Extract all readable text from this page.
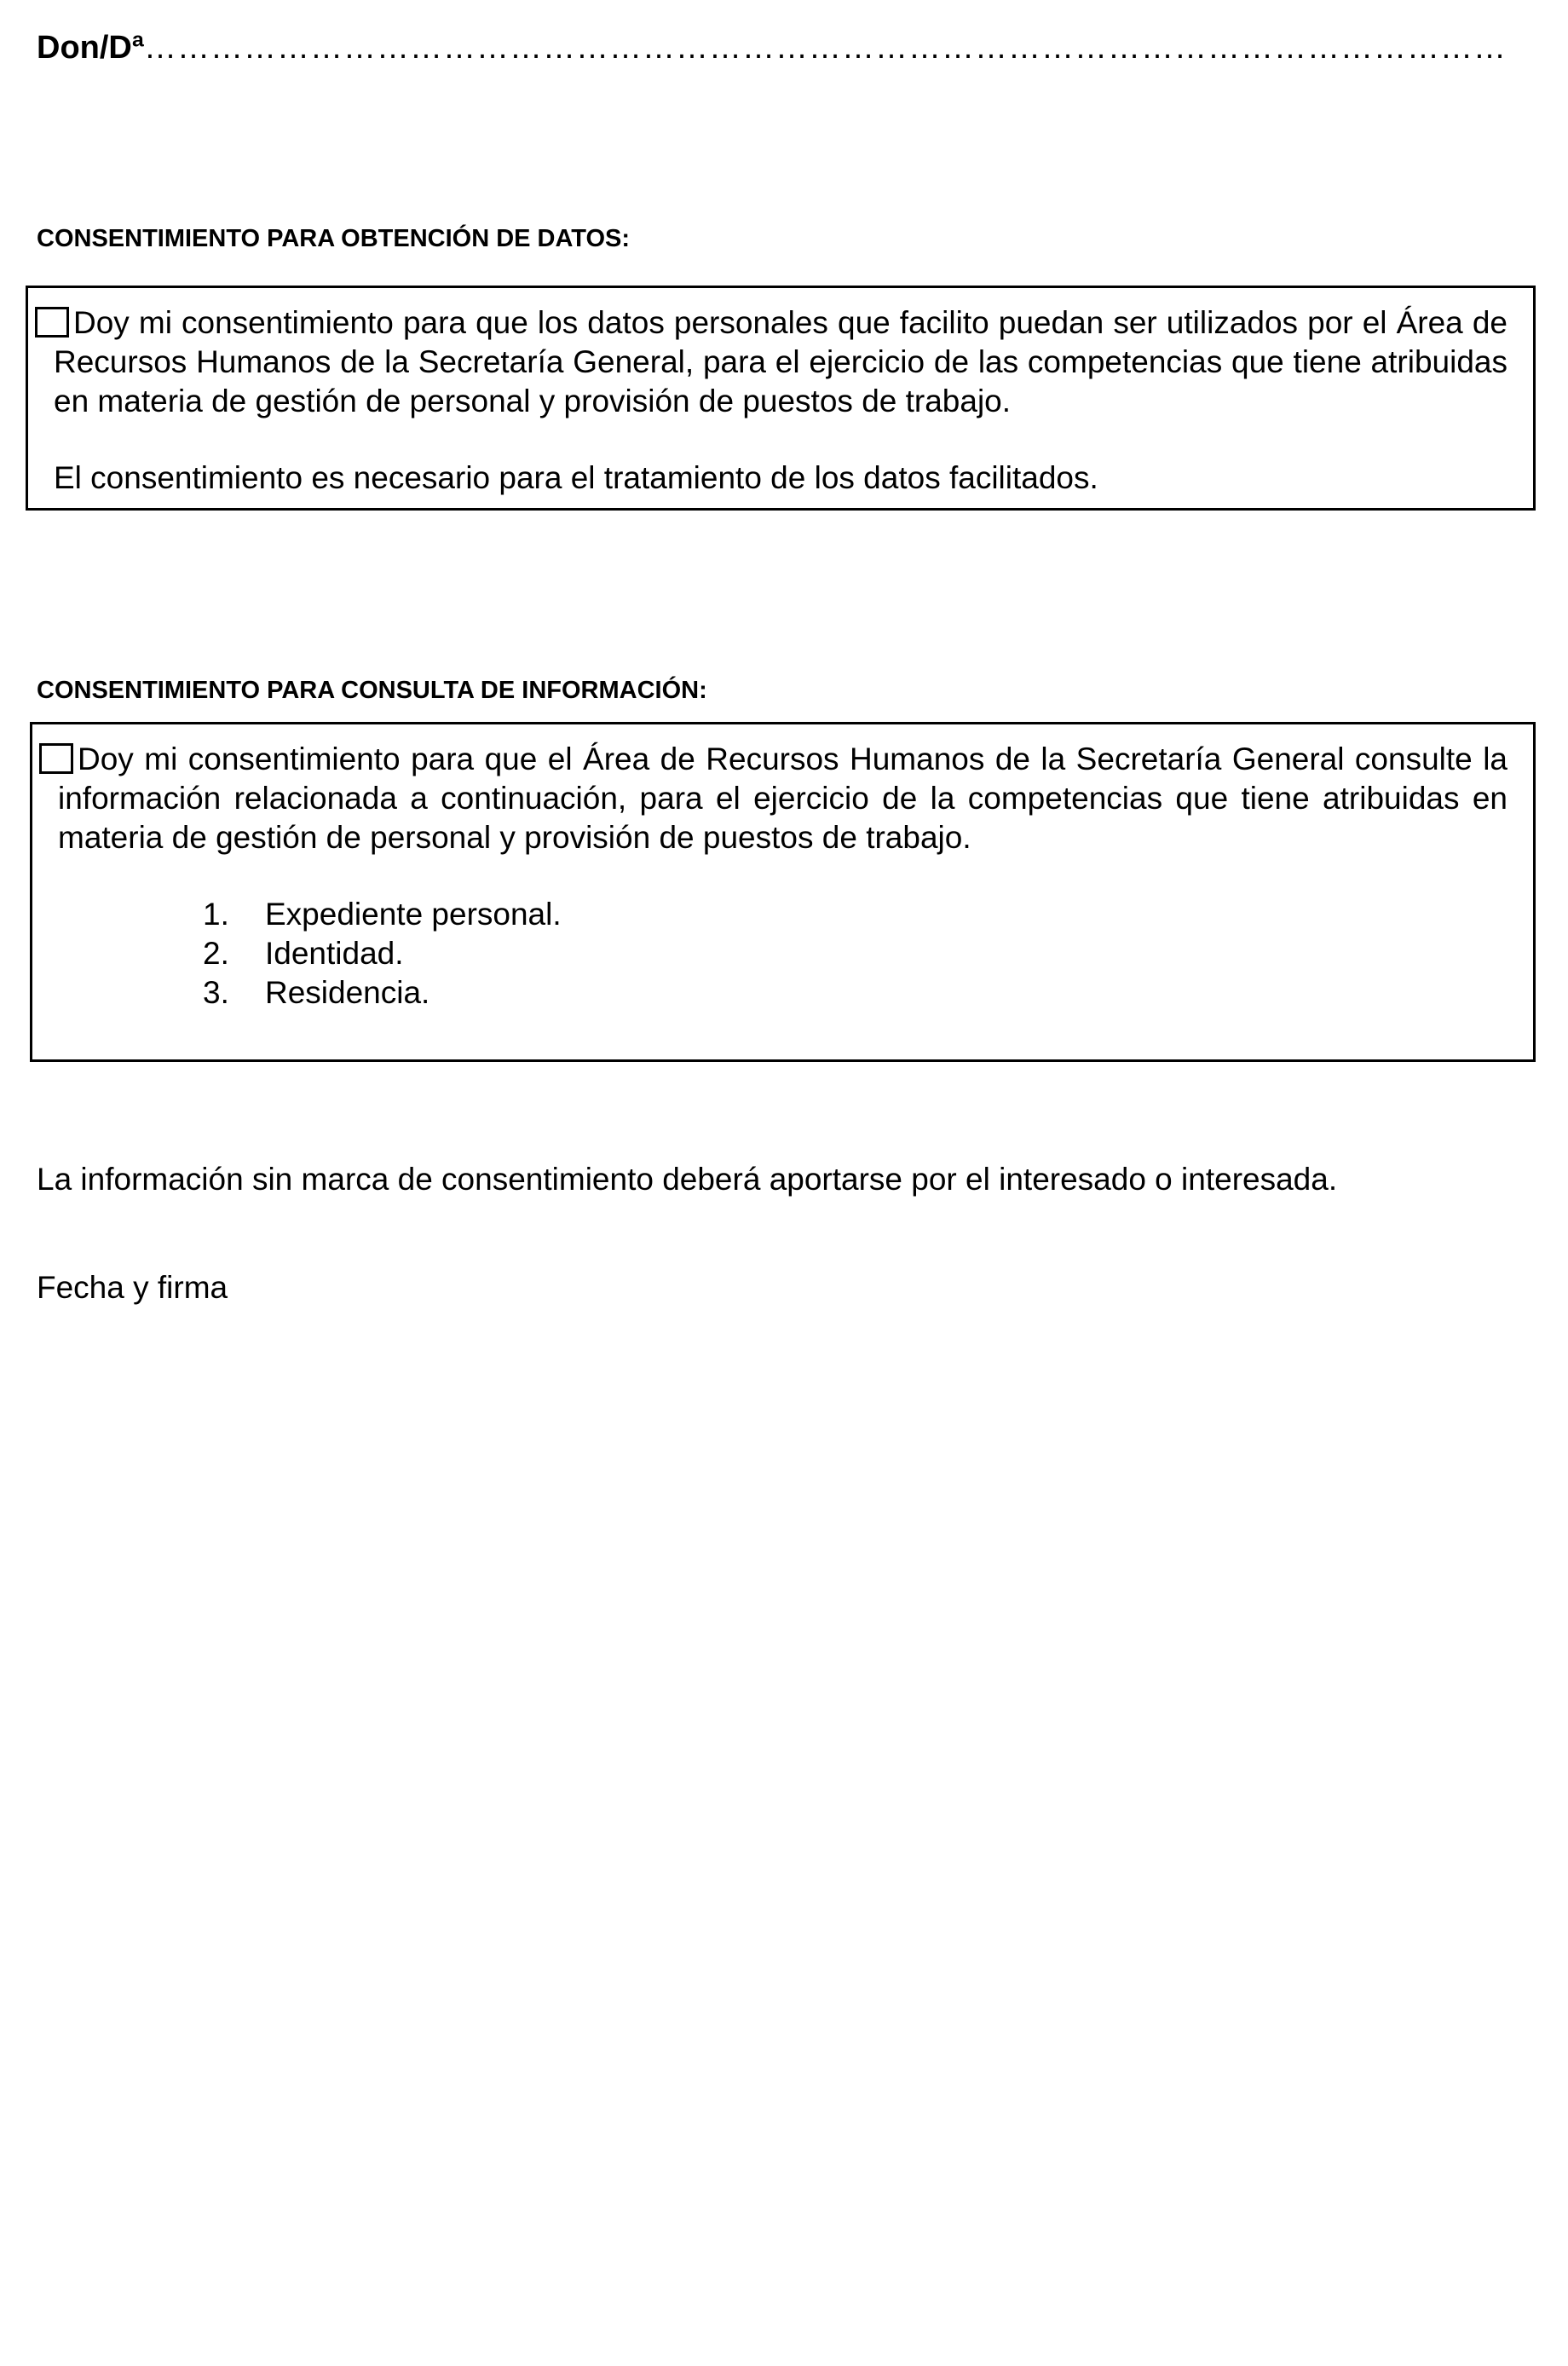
Don/Dª……………………………………………………………………………………………………………
CONSENTIMIENTO PARA OBTENCIÓN DE DATOS:

Doy mi consentimiento para que los datos personales que facilito puedan ser utilizados por el Área de Recursos Humanos de la Secretaría General, para el ejercicio de las competencias que tiene atribuidas en materia de gestión de personal y provisión de puestos de trabajo.

El consentimiento es necesario para el tratamiento de los datos facilitados.

CONSENTIMIENTO PARA CONSULTA DE INFORMACIÓN:

Doy mi consentimiento para que el Área de Recursos Humanos de la Secretaría General consulte la información relacionada a continuación, para el ejercicio de la competencias que tiene atribuidas en materia de gestión de personal y provisión de puestos de trabajo.

1.	Expediente personal.
2.	Identidad.
3.	Residencia.
La información sin marca de consentimiento deberá aportarse por el interesado o interesada.
Fecha y firma
